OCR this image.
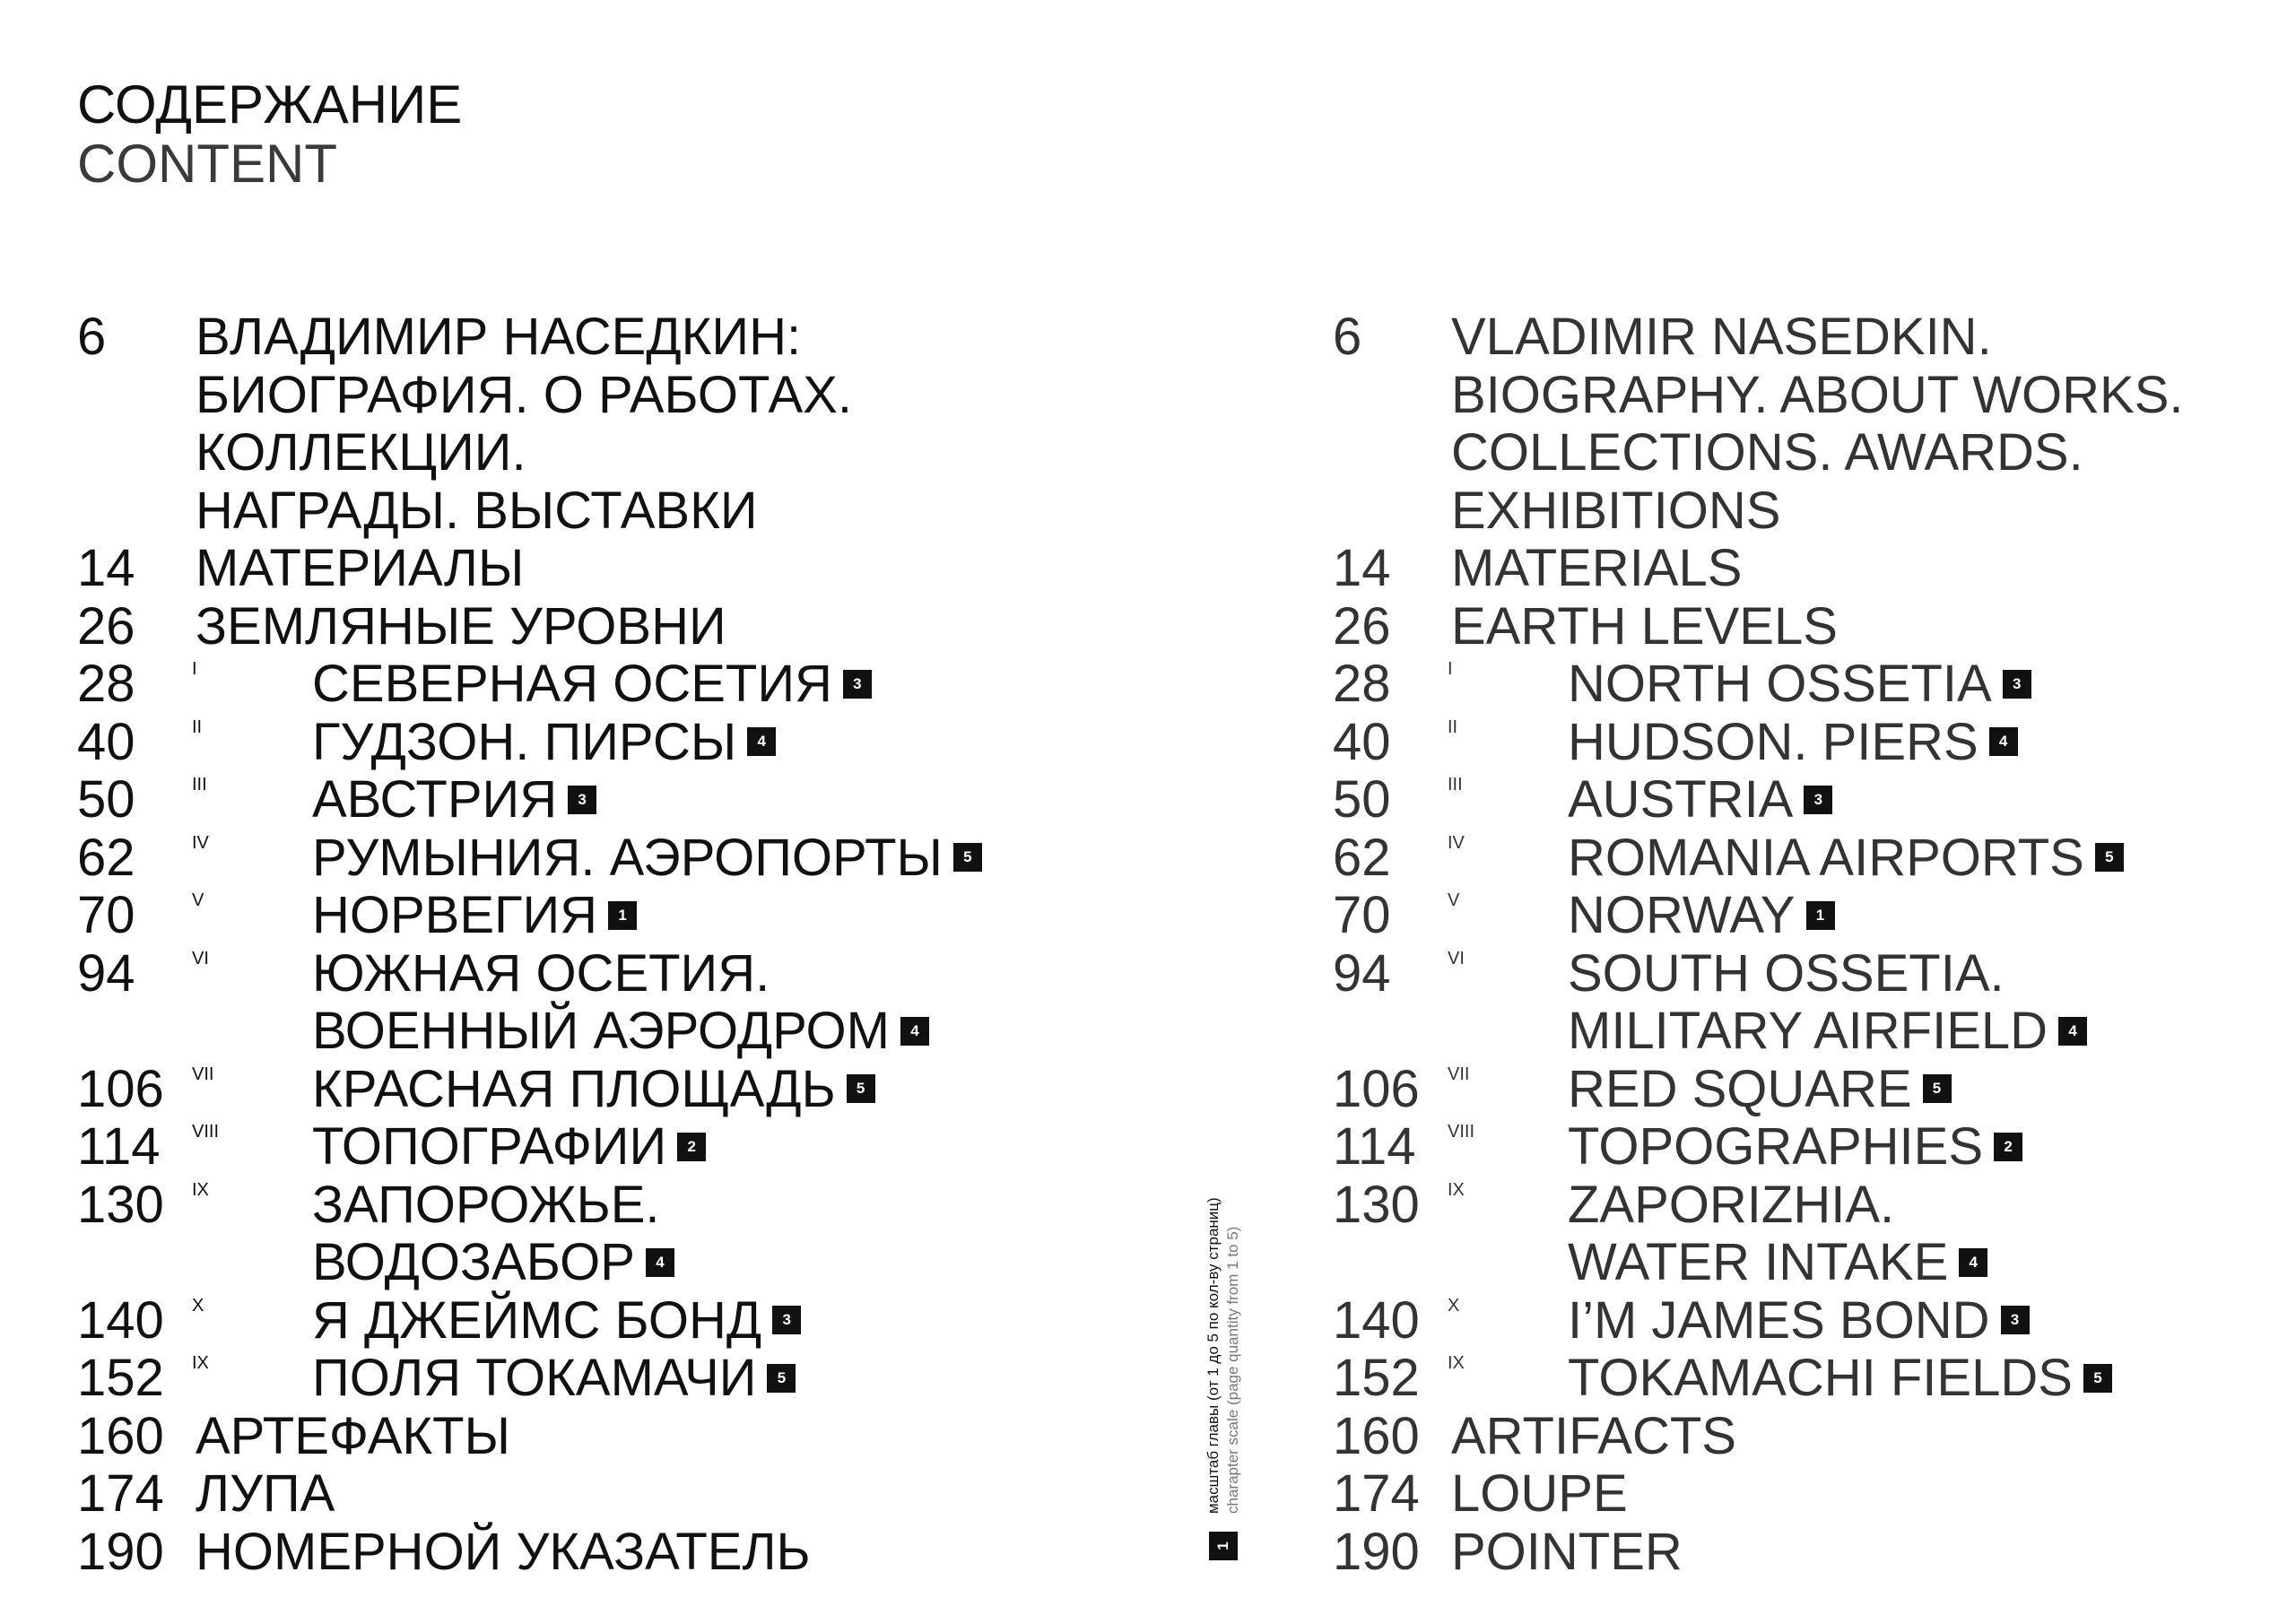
СОДЕРЖАНИЕ
CONTENT
6 ВЛАДИМИР НАСЕДКИН:
БИОГРАФИЯ. О РАБОТАХ.
КОЛЛЕКЦИИ.
НАГРАДЫ. ВЫСТАВКИ
14 МАТЕРИАЛЫ
26 ЗЕМЛЯНЫЕ УРОВНИ
28	I СЕВЕРНАЯ ОСЕТИЯ 3
40	II ГУДЗОН. ПИРСЫ 4
50	III АВСТРИЯ 3
62	IV РУМЫНИЯ. АЭРОПОРТЫ 5
70	V НОРВЕГИЯ 1
94	VI ЮЖНАЯ ОСЕТИЯ.
ВОЕННЫЙ АЭРОДРОМ 4
106 VII КРАСНАЯ ПЛОЩАДЬ 5
114 VIII ТОПОГРАФИИ 2
130 IX ЗАПОРОЖЬЕ.
ВОДОЗАБОР 4
140 X Я ДЖЕЙМС БОНД 3
152 IX ПОЛЯ ТОКАМАЧИ 5
160 АРТЕФАКТЫ
174 ЛУПА
190 НОМЕРНОЙ УКАЗАТЕЛЬ
6 VLADIMIR NASEDKIN.
BIOGRAPHY. ABOUT WORKS.
COLLECTIONS. AWARDS.
EXHIBITIONS
14 MATERIALS
26 EARTH LEVELS
28	I NORTH OSSETIA 3
40	II HUDSON. PIERS 4
50	III AUSTRIA 3
62	IV ROMANIA AIRPORTS 5
70	V NORWAY 1
94	VI SOUTH OSSETIA.
MILITARY AIRFIELD 4
106 VII RED SQUARE 5
114 VIII TOPOGRAPHIES 2
130 IX ZAPORIZHIA.
WATER INTAKE 4
140 X I’M JAMES BOND 3
152 IX TOKAMACHI FIELDS 5
160 ARTIFACTS
174 LOUPE
190 POINTER
1
масштаб главы (от 1 до 5 по кол-ву страниц) charapter scale (page quantity from 1 to 5)
